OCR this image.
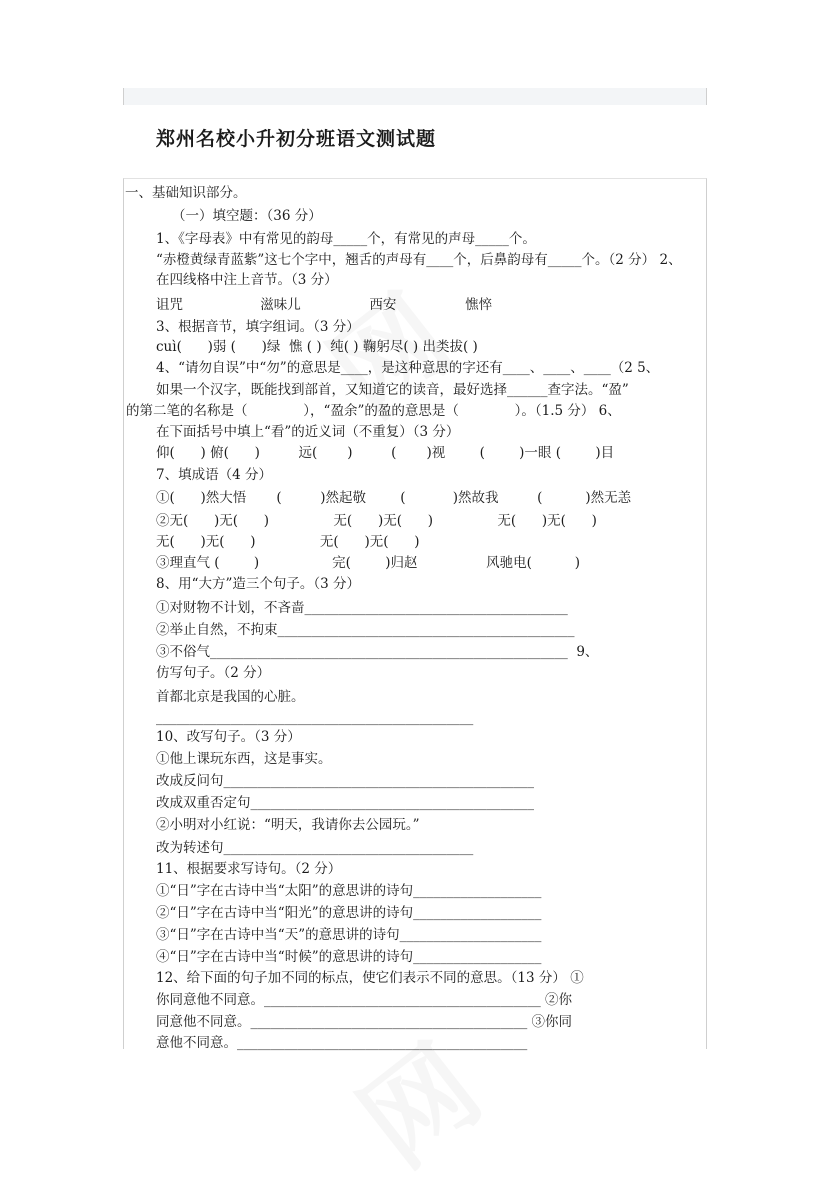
郑州名校小升初分班语文测试题
一、基础知识部分。
（一）填空题：（36 分）
1、《字母表》中有常见的韵母_____个，有常见的声母_____个。
“赤橙黄绿青蓝紫”这七个字中，翘舌的声母有____个，后鼻韵母有_____个。（2 分） 2、
在四线格中注上音节。（3 分）
诅咒                  滋味儿                西安                憔悴
3、根据音节，填字组词。（3 分）
cuì(      )弱 (      )绿  憔 ( )  纯( ) 鞠躬尽( ) 出类拔( )
4、“请勿自误”中“勿”的意思是____，是这种意思的字还有____、____、____（2 5、
如果一个汉字，既能找到部首，又知道它的读音，最好选择______查字法。“盈”
的第二笔的名称是（             ），“盈余”的盈的意思是（             ）。（1.5 分） 6、
在下面括号中填上“看”的近义词（不重复）（3 分）
仰(      ) 俯(      )         远(       )         (       )视        (        )一眼 (        )目
7、填成语（4 分）
①(      )然大悟       (         )然起敬        (           )然故我         (          )然无恙
②无(      )无(      )               无(      )无(      )               无(      )无(      )
无(      )无(      )               无(      )无(      )
③理直气 (        )                 完(        )归赵                风驰电(          )
8、用“大方”造三个句子。（3 分）
①对财物不计划，不吝啬_______________________________________
②举止自然，不拘束____________________________________________
③不俗气_____________________________________________________  9、
仿写句子。（2 分）
首都北京是我国的心脏。
_______________________________________________
10、改写句子。（3 分）
①他上课玩东西，这是事实。
改成反问句______________________________________________
改成双重否定句__________________________________________
②小明对小红说：“明天，我请你去公园玩。”
改为转述句_____________________________________
11、根据要求写诗句。（2 分）
①“日”字在古诗中当“太阳”的意思讲的诗句___________________
②“日”字在古诗中当“阳光”的意思讲的诗句___________________
③“日”字在古诗中当“天”的意思讲的诗句_____________________
④“日”字在古诗中当“时候”的意思讲的诗句___________________
12、给下面的句子加不同的标点，使它们表示不同的意思。（13 分） ①
你同意他不同意。_________________________________________ ②你
同意他不同意。_________________________________________ ③你同
意他不同意。___________________________________________
